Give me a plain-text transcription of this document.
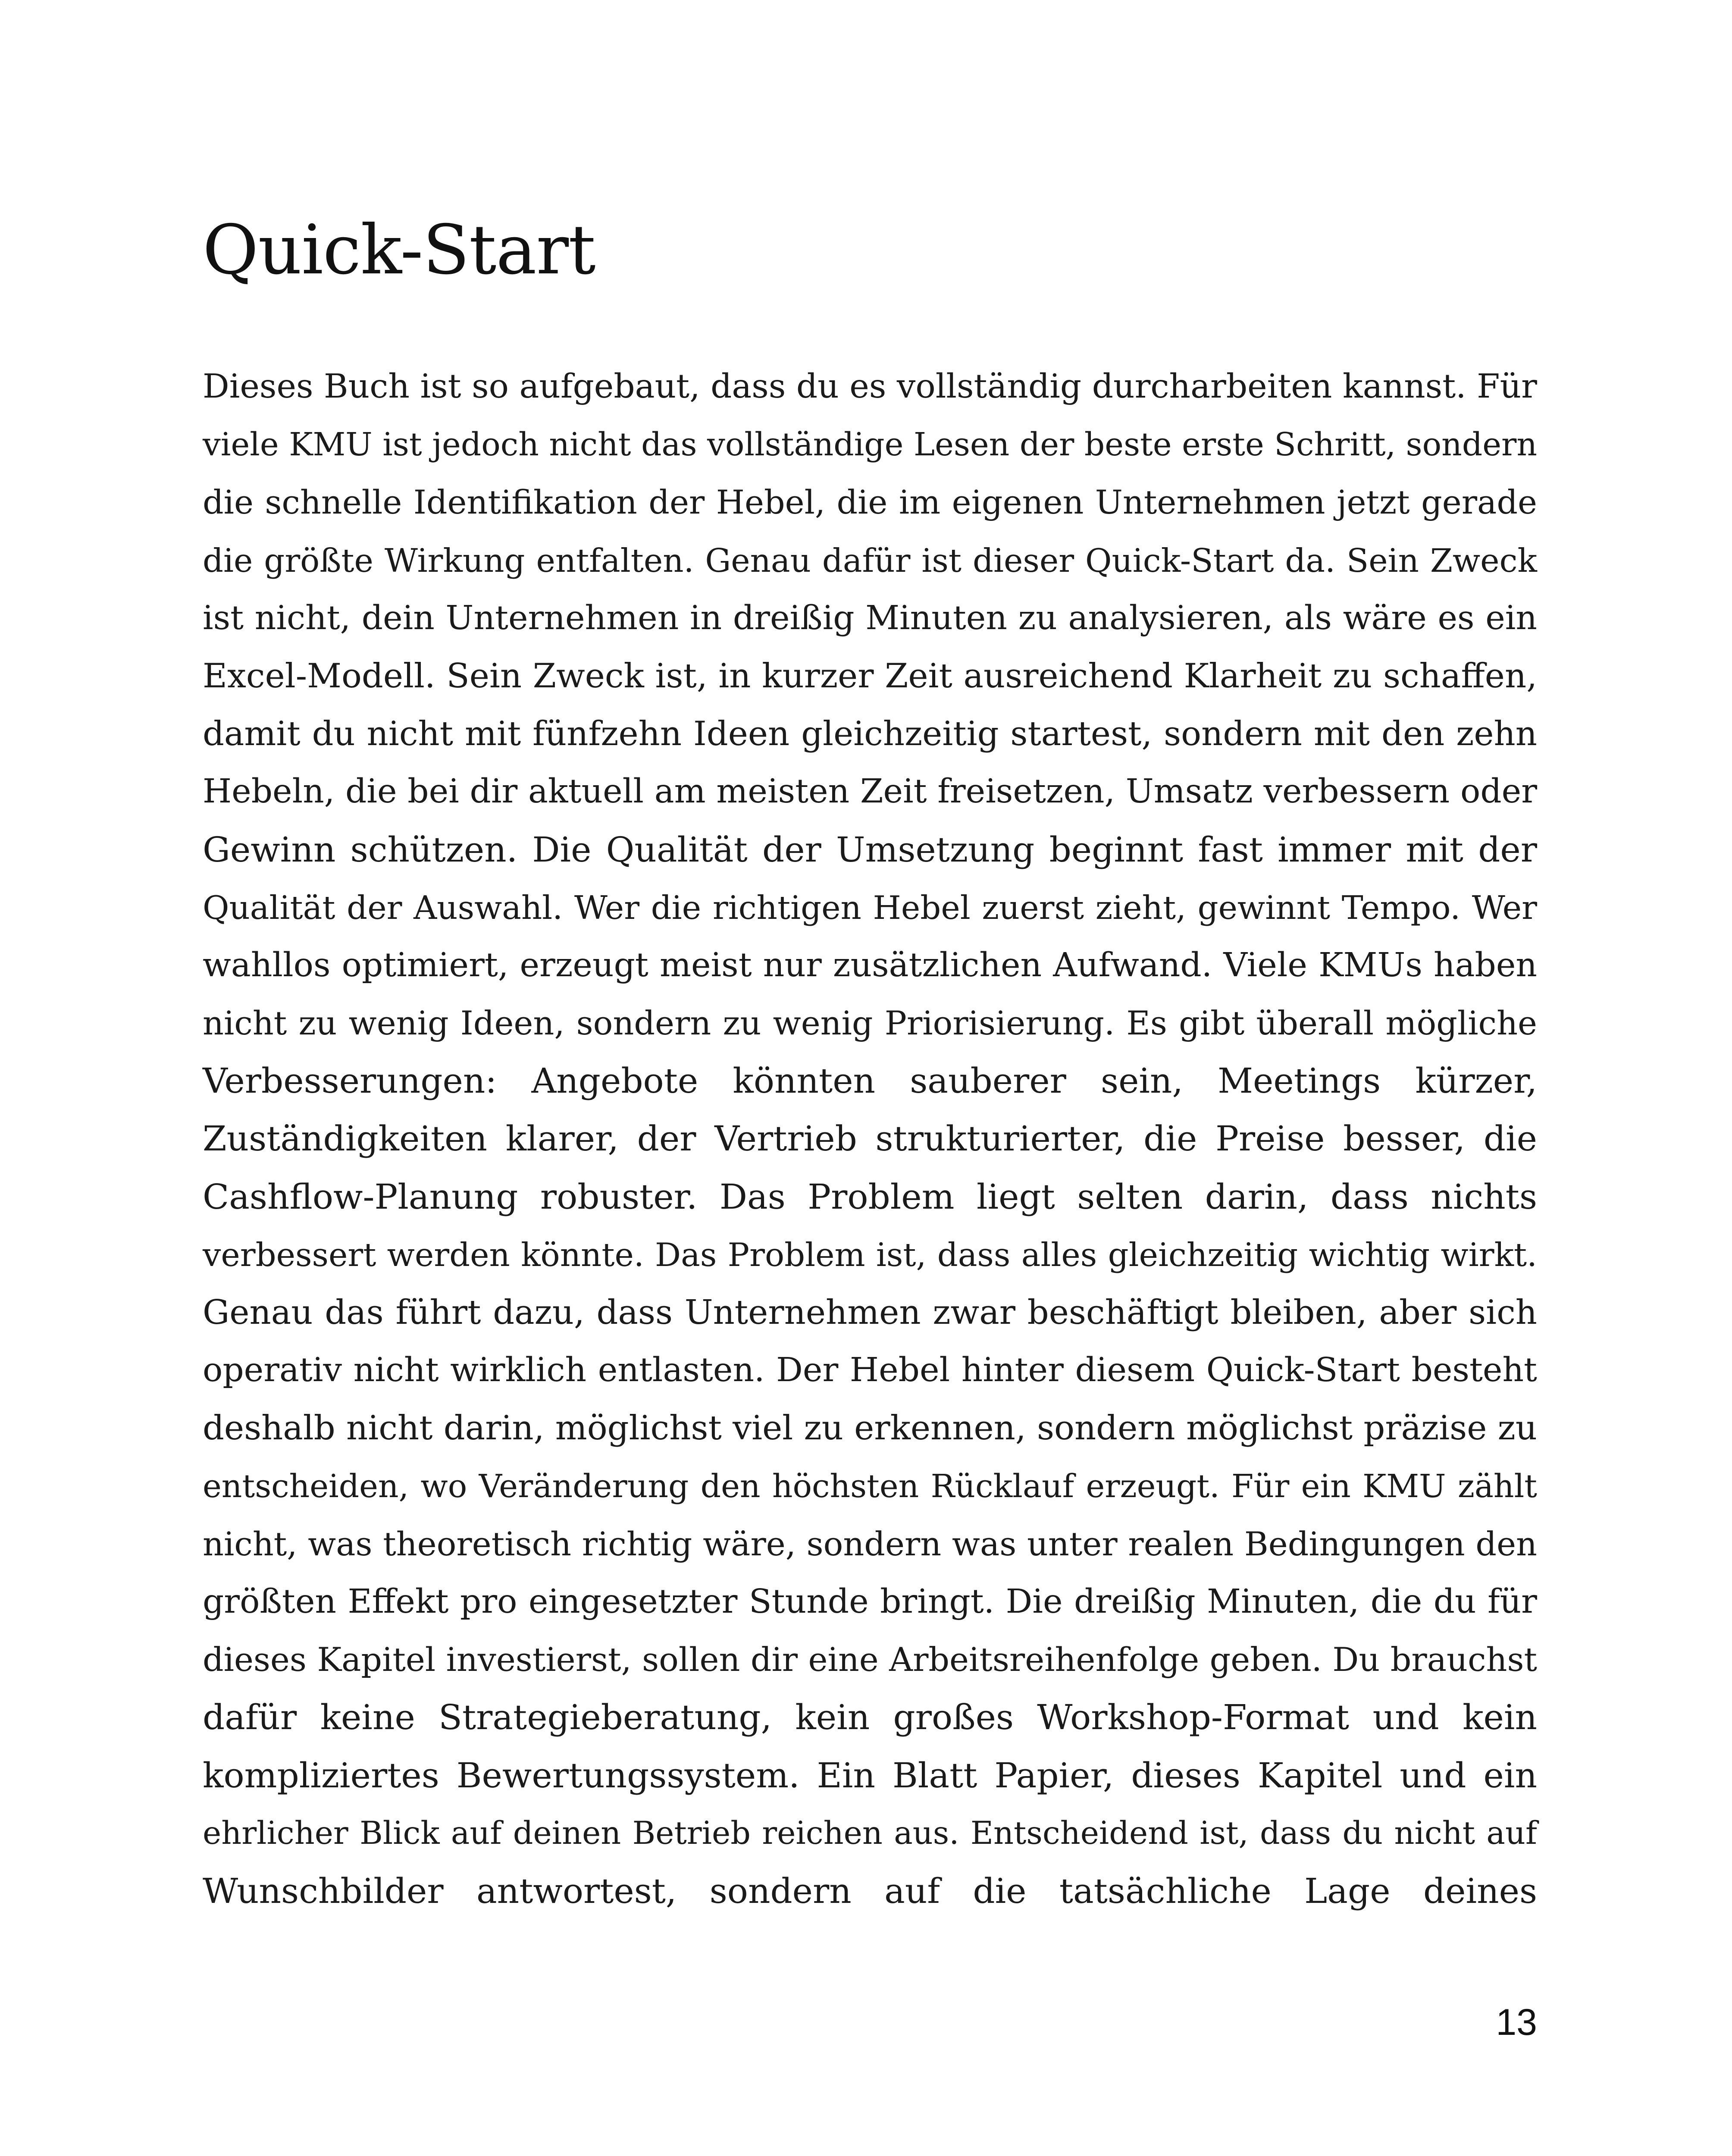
Quick-Start
Dieses Buch ist so aufgebaut, dass du es vollständig durcharbeiten kannst. Für
viele KMU ist jedoch nicht das vollständige Lesen der beste erste Schritt, sondern
die schnelle Identifikation der Hebel, die im eigenen Unternehmen jetzt gerade
die größte Wirkung entfalten. Genau dafür ist dieser Quick-Start da. Sein Zweck
ist nicht, dein Unternehmen in dreißig Minuten zu analysieren, als wäre es ein
Excel-Modell. Sein Zweck ist, in kurzer Zeit ausreichend Klarheit zu schaffen,
damit du nicht mit fünfzehn Ideen gleichzeitig startest, sondern mit den zehn
Hebeln, die bei dir aktuell am meisten Zeit freisetzen, Umsatz verbessern oder
Gewinn schützen. Die Qualität der Umsetzung beginnt fast immer mit der
Qualität der Auswahl. Wer die richtigen Hebel zuerst zieht, gewinnt Tempo. Wer
wahllos optimiert, erzeugt meist nur zusätzlichen Aufwand. Viele KMUs haben
nicht zu wenig Ideen, sondern zu wenig Priorisierung. Es gibt überall mögliche
Verbesserungen: Angebote könnten sauberer sein, Meetings kürzer,
Zuständigkeiten klarer, der Vertrieb strukturierter, die Preise besser, die
Cashflow-Planung robuster. Das Problem liegt selten darin, dass nichts
verbessert werden könnte. Das Problem ist, dass alles gleichzeitig wichtig wirkt.
Genau das führt dazu, dass Unternehmen zwar beschäftigt bleiben, aber sich
operativ nicht wirklich entlasten. Der Hebel hinter diesem Quick-Start besteht
deshalb nicht darin, möglichst viel zu erkennen, sondern möglichst präzise zu
entscheiden, wo Veränderung den höchsten Rücklauf erzeugt. Für ein KMU zählt
nicht, was theoretisch richtig wäre, sondern was unter realen Bedingungen den
größten Effekt pro eingesetzter Stunde bringt. Die dreißig Minuten, die du für
dieses Kapitel investierst, sollen dir eine Arbeitsreihenfolge geben. Du brauchst
dafür keine Strategieberatung, kein großes Workshop-Format und kein
kompliziertes Bewertungssystem. Ein Blatt Papier, dieses Kapitel und ein
ehrlicher Blick auf deinen Betrieb reichen aus. Entscheidend ist, dass du nicht auf
Wunschbilder antwortest, sondern auf die tatsächliche Lage deines
13
